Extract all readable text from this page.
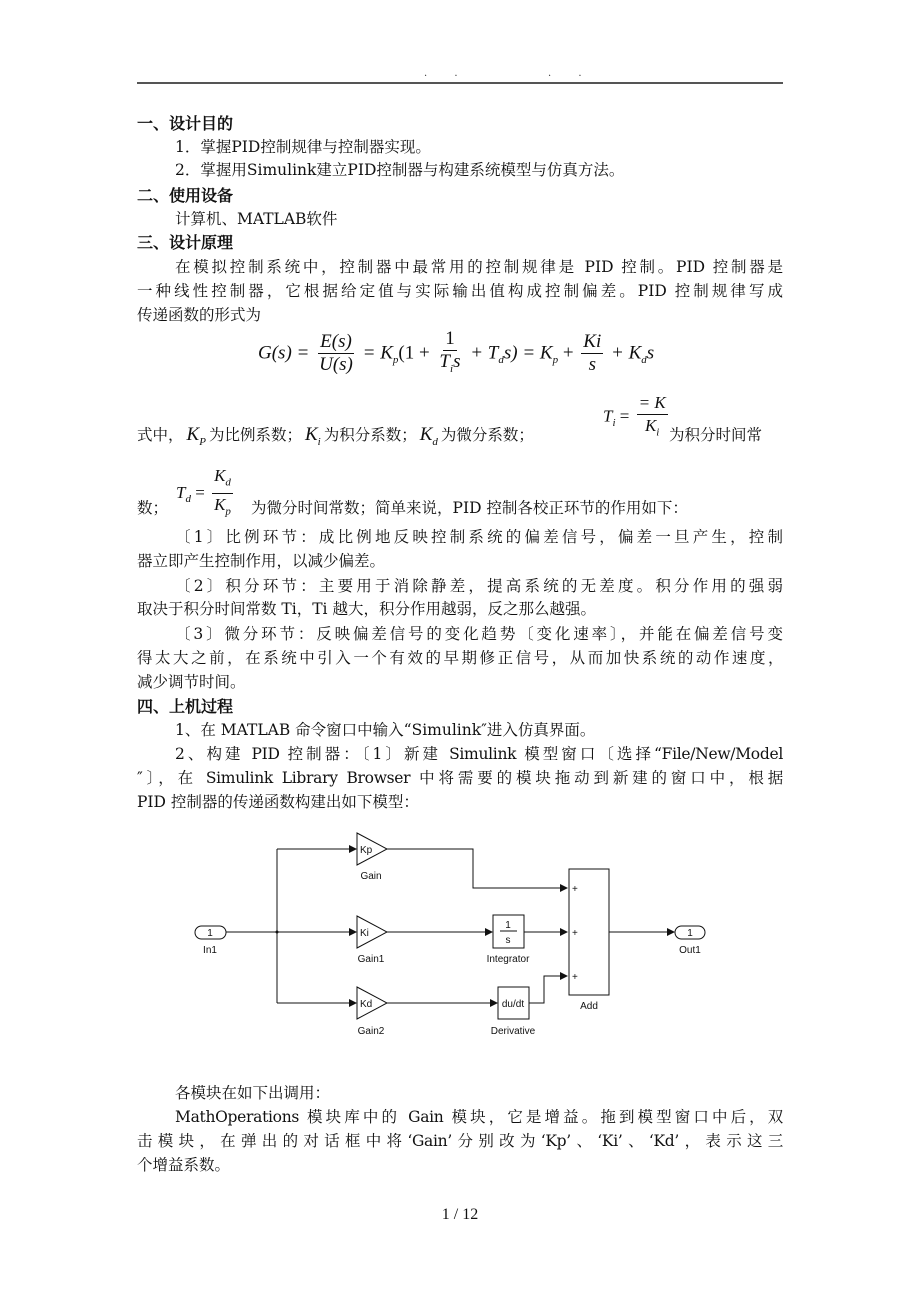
. .	. .
一、设计目的
1．掌握PID控制规律与控制器实现。
2．掌握用Simulink建立PID控制器与构建系统模型与仿真方法。
二、使用设备
计算机、MATLAB软件
三、设计原理
在模拟控制系统中，控制器中最常用的控制规律是 PID 控制。PID 控制器是
一种线性控制器，它根据给定值与实际输出值构成控制偏差。PID 控制规律写成
传递函数的形式为
$G(s) = \frac{E(s)}{U(s)} = K_p(1 + \frac{1}{T_is} + T_ds) = K_p + \frac{Ki}{s} + K_ds$
式中， $K_P$ 为比例系数； $K_i$ 为积分系数； $K_d$ 为微分系数；	为积分时间常
$T_i = \frac{= K}{K_i}$
数；	为微分时间常数；简单来说，PID 控制各校正环节的作用如下：
$T_d = \frac{K_d}{K_p}$
〔1〕比例环节：成比例地反映控制系统的偏差信号，偏差一旦产生，控制
器立即产生控制作用，以减少偏差。
〔2〕积分环节：主要用于消除静差，提高系统的无差度。积分作用的强弱
取决于积分时间常数 Ti，Ti 越大，积分作用越弱，反之那么越强。
〔3〕微分环节：反映偏差信号的变化趋势〔变化速率〕，并能在偏差信号变
得太大之前，在系统中引入一个有效的早期修正信号，从而加快系统的动作速度，
减少调节时间。
四、上机过程
1、在 MATLAB 命令窗口中输入“Simulink″进入仿真界面。
2、构建 PID 控制器：〔1〕新建 Simulink 模型窗口〔选择“File/New/Model
″〕，在 Simulink Library Browser 中将需要的模块拖动到新建的窗口中，根据
PID 控制器的传递函数构建出如下模型：
1
In1
Kp
Gain
Ki
Gain1
Kd
Gain2
1
s
Integrator
du/dt
Derivative
+
+
+
Add
1
Out1
各模块在如下出调用：
MathOperations 模块库中的 Gain 模块，它是增益。拖到模型窗口中后，双
击模块，在弹出的对话框中将‘Gain’分别改为‘Kp’、‘Ki’、‘Kd’，表示这三
个增益系数。
1 / 12
